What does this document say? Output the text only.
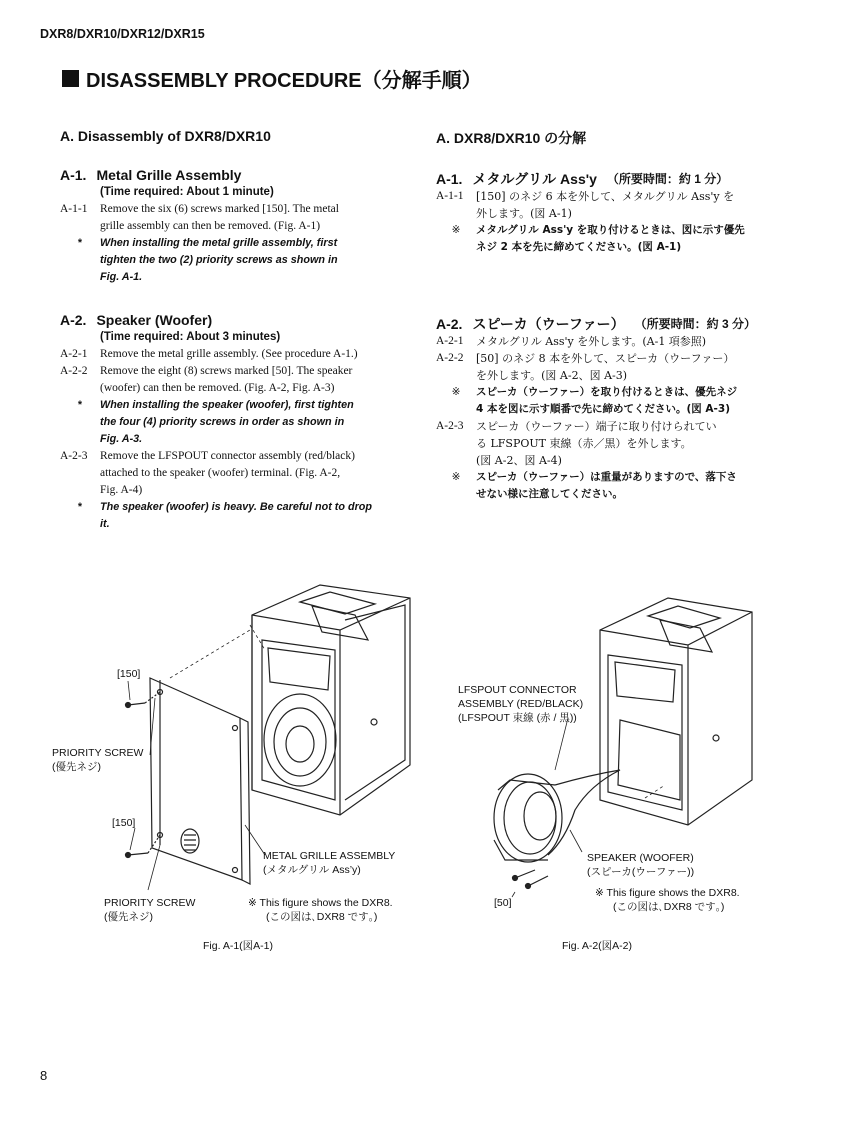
DXR8/DXR10/DXR12/DXR15
DISASSEMBLY PROCEDURE（分解手順）
A. Disassembly of DXR8/DXR10
A-1. Metal Grille Assembly
(Time required: About 1 minute)
A-1-1	Remove the six (6) screws marked [150]. The metal
grille assembly can then be removed. (Fig. A-1)
*	When installing the metal grille assembly, first
tighten the two (2) priority screws as shown in
Fig. A-1.
A-2. Speaker (Woofer)
(Time required: About 3 minutes)
A-2-1	Remove the metal grille assembly. (See procedure A-1.)
A-2-2	Remove the eight (8) screws marked [50]. The speaker
(woofer) can then be removed. (Fig. A-2, Fig. A-3)
*	When installing the speaker (woofer), first tighten
the four (4) priority screws in order as shown in
Fig. A-3.
A-2-3	Remove the LFSPOUT connector assembly (red/black)
attached to the speaker (woofer) terminal. (Fig. A-2,
Fig. A-4)
*	The speaker (woofer) is heavy. Be careful not to drop
it.
A. DXR8/DXR10 の分解
A-1. メタルグリル Ass'y （所要時間：約 1 分）
A-1-1	[150] のネジ 6 本を外して、メタルグリル Ass'y を
外します。(図 A-1)
※	メタルグリル Ass'y を取り付けるときは、図に示す優先
ネジ 2 本を先に締めてください。(図 A-1)
A-2. スピーカ（ウーファー） （所要時間：約 3 分）
A-2-1	メタルグリル Ass'y を外します。(A-1 項参照)
A-2-2	[50] のネジ 8 本を外して、スピーカ（ウーファー）
を外します。(図 A-2、図 A-3)
※	スピーカ（ウーファー）を取り付けるときは、優先ネジ
4 本を図に示す順番で先に締めてください。(図 A-3)
A-2-3	スピーカ（ウーファー）端子に取り付けられてい
る LFSPOUT 束線（赤／黒）を外します。
(図 A-2、図 A-4)
※	スピーカ（ウーファー）は重量がありますので、落下さ
せない様に注意してください。
[150]
PRIORITY SCREW
(優先ネジ)
[150]
METAL GRILLE ASSEMBLY
(メタルグリル Ass’y)
PRIORITY SCREW
(優先ネジ)
※ This figure shows the DXR8.
(この図は､DXR8 です｡)
Fig. A-1(図A-1)
LFSPOUT CONNECTOR
ASSEMBLY (RED/BLACK)
(LFSPOUT 束線 (赤 / 黒))
SPEAKER (WOOFER)
(スピーカ(ウーファー))
※ This figure shows the DXR8.
(この図は､DXR8 です｡)
[50]
Fig. A-2(図A-2)
8
